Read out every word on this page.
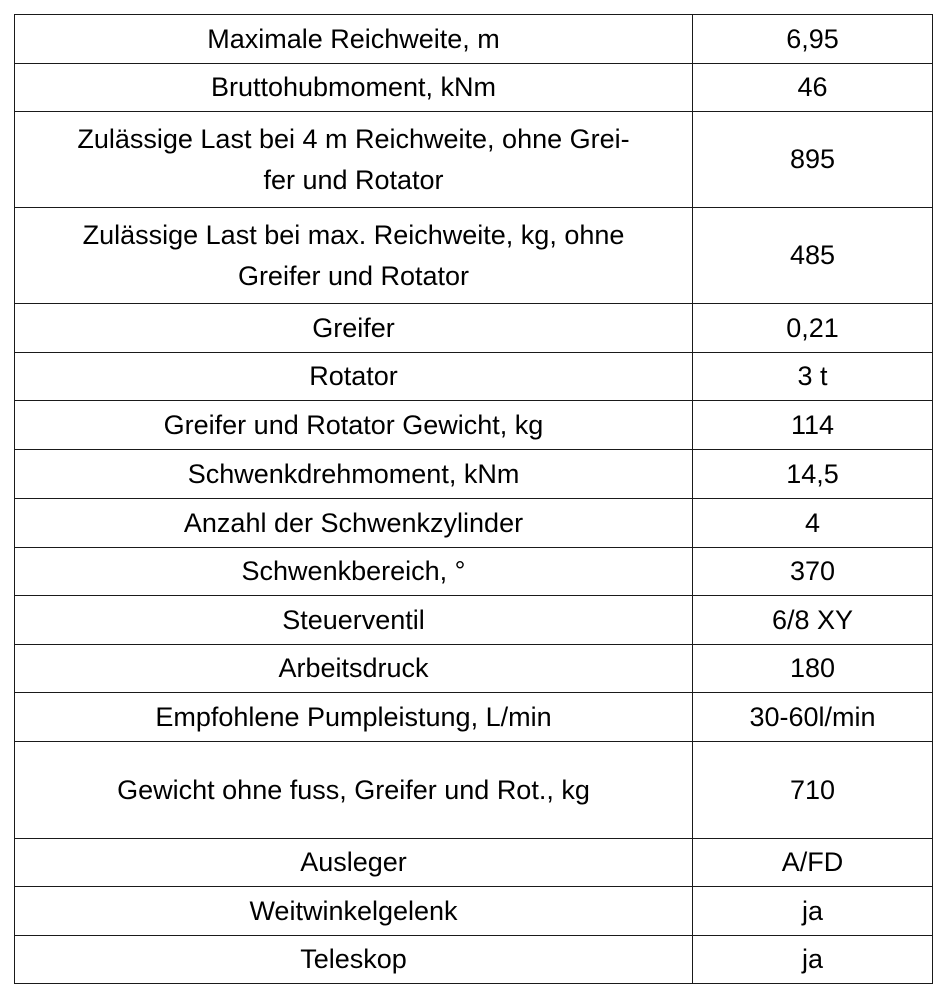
Maximale Reichweite, m	6,95
Bruttohubmoment, kNm	46
Zulässige Last bei 4 m Reichweite, ohne Grei-
fer und Rotator	895
Zulässige Last bei max. Reichweite, kg, ohne
Greifer und Rotator	485
Greifer	0,21
Rotator	3 t
Greifer und Rotator Gewicht, kg	114
Schwenkdrehmoment, kNm	14,5
Anzahl der Schwenkzylinder	4
Schwenkbereich, °	370
Steuerventil	6/8 XY
Arbeitsdruck	180
Empfohlene Pumpleistung, L/min	30-60l/min
Gewicht ohne fuss, Greifer und Rot., kg	710
Ausleger	A/FD
Weitwinkelgelenk	ja
Teleskop	ja
